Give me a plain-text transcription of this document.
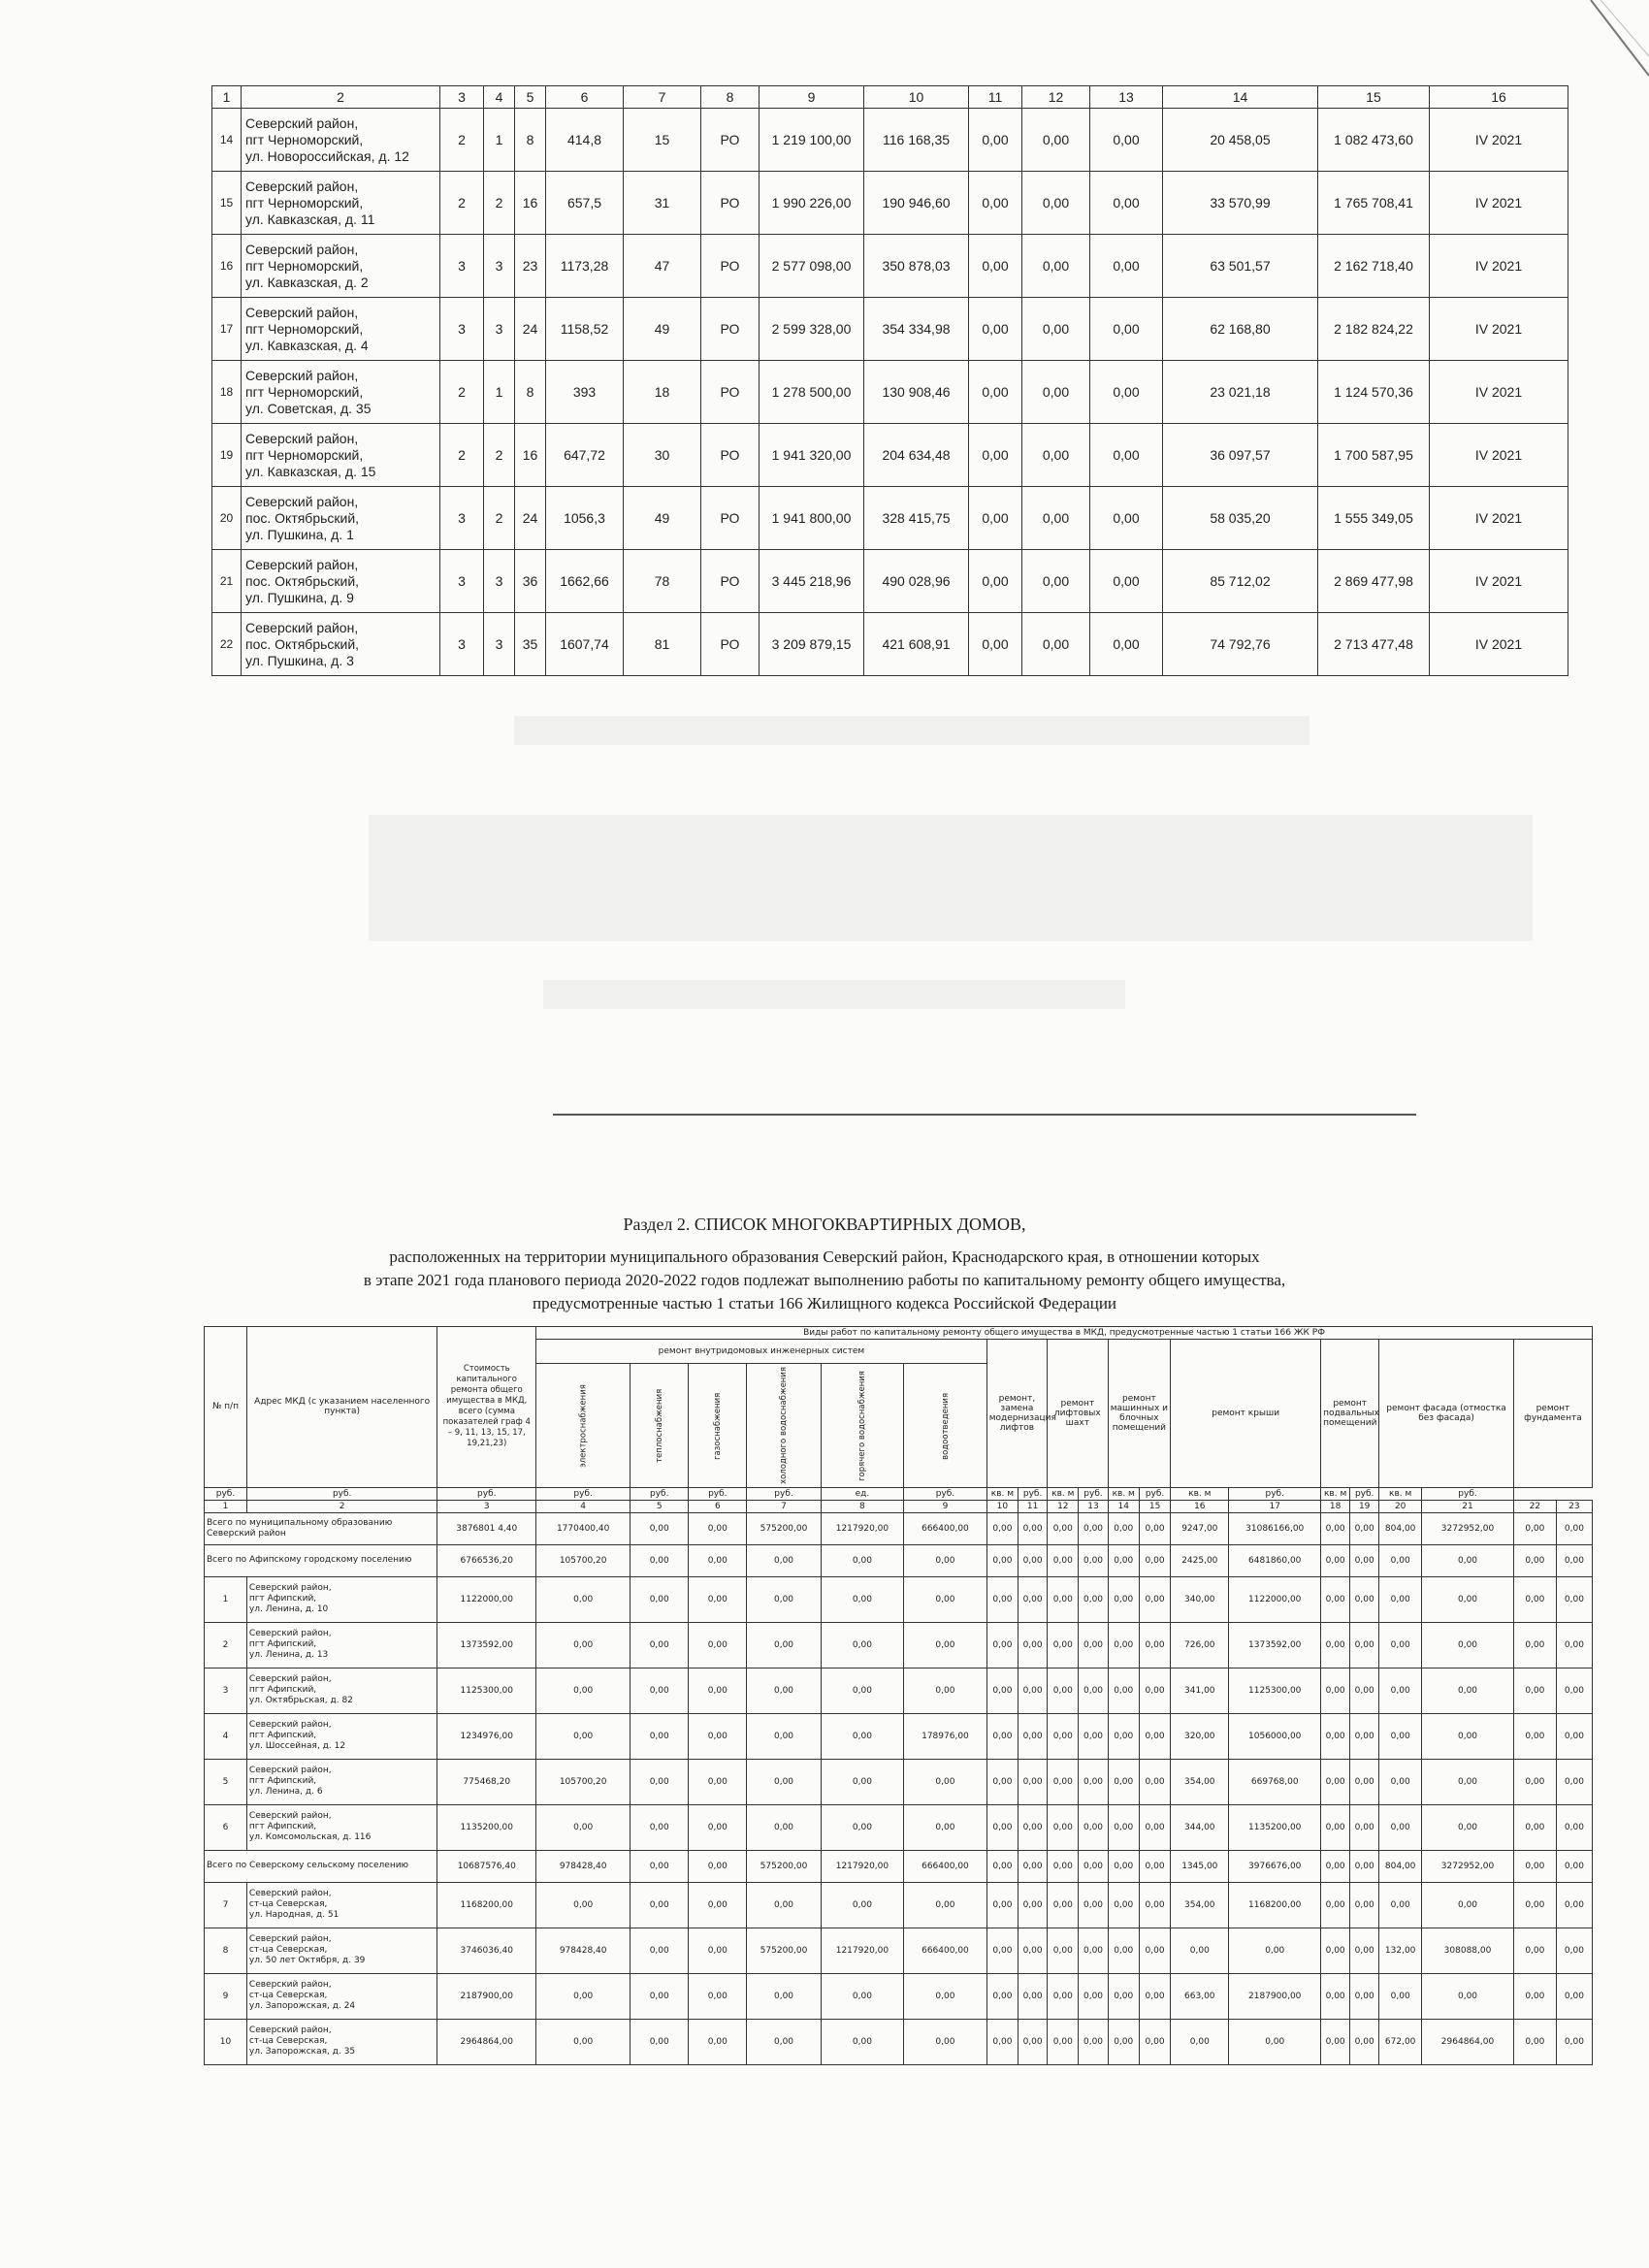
1	2	3	4	5	6	7	8	9	10	11	12	13	14	15	16
14	Северский район,
пгт Черноморский,
ул. Новороссийская, д. 12	2	1	8	414,8	15	РО	1 219 100,00	116 168,35	0,00	0,00	0,00	20 458,05	1 082 473,60	IV 2021
15	Северский район,
пгт Черноморский,
ул. Кавказская, д. 11	2	2	16	657,5	31	РО	1 990 226,00	190 946,60	0,00	0,00	0,00	33 570,99	1 765 708,41	IV 2021
16	Северский район,
пгт Черноморский,
ул. Кавказская, д. 2	3	3	23	1173,28	47	РО	2 577 098,00	350 878,03	0,00	0,00	0,00	63 501,57	2 162 718,40	IV 2021
17	Северский район,
пгт Черноморский,
ул. Кавказская, д. 4	3	3	24	1158,52	49	РО	2 599 328,00	354 334,98	0,00	0,00	0,00	62 168,80	2 182 824,22	IV 2021
18	Северский район,
пгт Черноморский,
ул. Советская, д. 35	2	1	8	393	18	РО	1 278 500,00	130 908,46	0,00	0,00	0,00	23 021,18	1 124 570,36	IV 2021
19	Северский район,
пгт Черноморский,
ул. Кавказская, д. 15	2	2	16	647,72	30	РО	1 941 320,00	204 634,48	0,00	0,00	0,00	36 097,57	1 700 587,95	IV 2021
20	Северский район,
пос. Октябрьский,
ул. Пушкина, д. 1	3	2	24	1056,3	49	РО	1 941 800,00	328 415,75	0,00	0,00	0,00	58 035,20	1 555 349,05	IV 2021
21	Северский район,
пос. Октябрьский,
ул. Пушкина, д. 9	3	3	36	1662,66	78	РО	3 445 218,96	490 028,96	0,00	0,00	0,00	85 712,02	2 869 477,98	IV 2021
22	Северский район,
пос. Октябрьский,
ул. Пушкина, д. 3	3	3	35	1607,74	81	РО	3 209 879,15	421 608,91	0,00	0,00	0,00	74 792,76	2 713 477,48	IV 2021
Раздел 2. СПИСОК МНОГОКВАРТИРНЫХ ДОМОВ,
расположенных на территории муниципального образования Северский район, Краснодарского края, в отношении которых
в этапе 2021 года планового периода 2020-2022 годов подлежат выполнению работы по капитальному ремонту общего имущества,
предусмотренные частью 1 статьи 166 Жилищного кодекса Российской Федерации
№ п/п	Адрес МКД (с указанием населенного пункта)	Стоимость капитального ремонта общего имущества в МКД, всего (сумма показателей граф 4 – 9, 11, 13, 15, 17, 19,21,23)	Виды работ по капитальному ремонту общего имущества в МКД, предусмотренные частью 1 статьи 166 ЖК РФ																			
			ремонт внутридомовых инженерных систем						ремонт, замена модернизация лифтов		ремонт лифтовых шахт		ремонт машинных и блочных помещений		ремонт крыши		ремонт подвальных помещений		ремонт фасада (отмостка без фасада)		ремонт фундамента	
			электроснабжения	теплоснабжения	газоснабжения	холодного водоснабжения	горячего водоснабжения	водоотведения														
руб.	руб.	руб.	руб.	руб.	руб.	руб.	ед.	руб.	кв. м	руб.	кв. м	руб.	кв. м	руб.	кв. м	руб.	кв. м	руб.	кв. м	руб.		
1	2	3	4	5	6	7	8	9	10	11	12	13	14	15	16	17	18	19	20	21	22	23
Всего по муниципальному образованию Северский район		3876801 4,40	1770400,40	0,00	0,00	575200,00	1217920,00	666400,00	0,00	0,00	0,00	0,00	0,00	0,00	9247,00	31086166,00	0,00	0,00	804,00	3272952,00	0,00	0,00
Всего по Афипскому городскому поселению		6766536,20	105700,20	0,00	0,00	0,00	0,00	0,00	0,00	0,00	0,00	0,00	0,00	0,00	2425,00	6481860,00	0,00	0,00	0,00	0,00	0,00	0,00
1	Северский район,
пгт Афипский,
ул. Ленина, д. 10	1122000,00	0,00	0,00	0,00	0,00	0,00	0,00	0,00	0,00	0,00	0,00	0,00	0,00	340,00	1122000,00	0,00	0,00	0,00	0,00	0,00	0,00
2	Северский район,
пгт Афипский,
ул. Ленина, д. 13	1373592,00	0,00	0,00	0,00	0,00	0,00	0,00	0,00	0,00	0,00	0,00	0,00	0,00	726,00	1373592,00	0,00	0,00	0,00	0,00	0,00	0,00
3	Северский район,
пгт Афипский,
ул. Октябрьская, д. 82	1125300,00	0,00	0,00	0,00	0,00	0,00	0,00	0,00	0,00	0,00	0,00	0,00	0,00	341,00	1125300,00	0,00	0,00	0,00	0,00	0,00	0,00
4	Северский район,
пгт Афипский,
ул. Шоссейная, д. 12	1234976,00	0,00	0,00	0,00	0,00	0,00	178976,00	0,00	0,00	0,00	0,00	0,00	0,00	320,00	1056000,00	0,00	0,00	0,00	0,00	0,00	0,00
5	Северский район,
пгт Афипский,
ул. Ленина, д. 6	775468,20	105700,20	0,00	0,00	0,00	0,00	0,00	0,00	0,00	0,00	0,00	0,00	0,00	354,00	669768,00	0,00	0,00	0,00	0,00	0,00	0,00
6	Северский район,
пгт Афипский,
ул. Комсомольская, д. 116	1135200,00	0,00	0,00	0,00	0,00	0,00	0,00	0,00	0,00	0,00	0,00	0,00	0,00	344,00	1135200,00	0,00	0,00	0,00	0,00	0,00	0,00
Всего по Северскому сельскому поселению		10687576,40	978428,40	0,00	0,00	575200,00	1217920,00	666400,00	0,00	0,00	0,00	0,00	0,00	0,00	1345,00	3976676,00	0,00	0,00	804,00	3272952,00	0,00	0,00
7	Северский район,
ст-ца Северская,
ул. Народная, д. 51	1168200,00	0,00	0,00	0,00	0,00	0,00	0,00	0,00	0,00	0,00	0,00	0,00	0,00	354,00	1168200,00	0,00	0,00	0,00	0,00	0,00	0,00
8	Северский район,
ст-ца Северская,
ул. 50 лет Октября, д. 39	3746036,40	978428,40	0,00	0,00	575200,00	1217920,00	666400,00	0,00	0,00	0,00	0,00	0,00	0,00	0,00	0,00	0,00	0,00	132,00	308088,00	0,00	0,00
9	Северский район,
ст-ца Северская,
ул. Запорожская, д. 24	2187900,00	0,00	0,00	0,00	0,00	0,00	0,00	0,00	0,00	0,00	0,00	0,00	0,00	663,00	2187900,00	0,00	0,00	0,00	0,00	0,00	0,00
10	Северский район,
ст-ца Северская,
ул. Запорожская, д. 35	2964864,00	0,00	0,00	0,00	0,00	0,00	0,00	0,00	0,00	0,00	0,00	0,00	0,00	0,00	0,00	0,00	0,00	672,00	2964864,00	0,00	0,00
